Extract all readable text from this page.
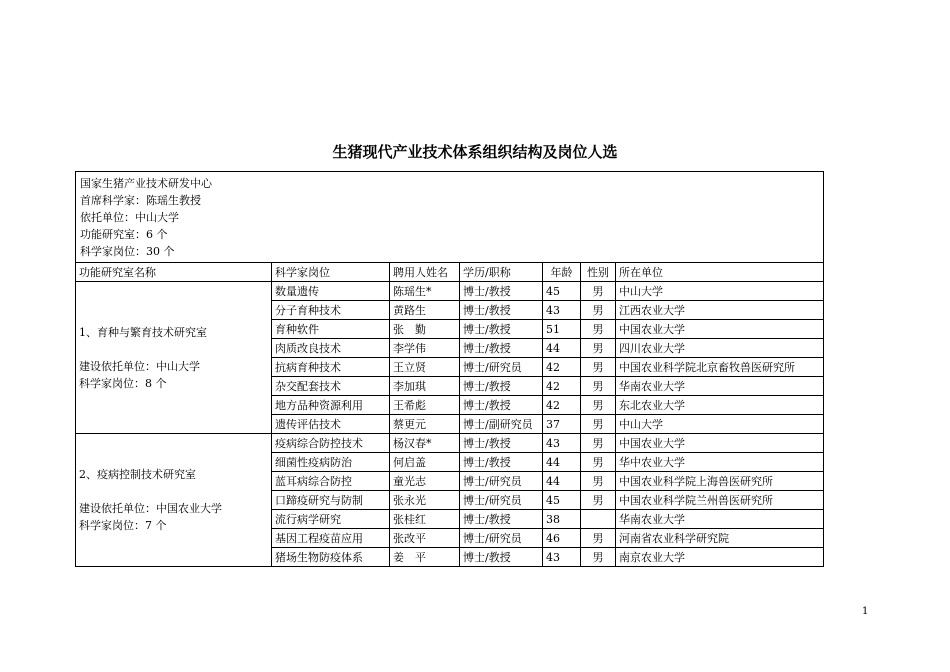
生猪现代产业技术体系组织结构及岗位人选
国家生猪产业技术研发中心
首席科学家：陈瑶生教授
依托单位：中山大学
功能研究室：6 个
科学家岗位：30 个						

功能研究室名称	科学家岗位	聘用人姓名	学历/职称	年龄	性别	所在单位

1、育种与繁育技术研究室
建设依托单位：中山大学
科学家岗位：8 个	数量遗传	陈瑶生*	博士/教授	45	男	中山大学
	分子育种技术	黄路生	博士/教授	43	男	江西农业大学
	育种软件	张　勤	博士/教授	51	男	中国农业大学
	肉质改良技术	李学伟	博士/教授	44	男	四川农业大学
	抗病育种技术	王立贤	博士/研究员	42	男	中国农业科学院北京畜牧兽医研究所
	杂交配套技术	李加琪	博士/教授	42	男	华南农业大学
	地方品种资源利用	王希彪	博士/教授	42	男	东北农业大学
	遗传评估技术	蔡更元	博士/副研究员	37	男	中山大学

2、疫病控制技术研究室
建设依托单位：中国农业大学
科学家岗位：7 个	疫病综合防控技术	杨汉春*	博士/教授	43	男	中国农业大学
	细菌性疫病防治	何启盖	博士/教授	44	男	华中农业大学
	蓝耳病综合防控	童光志	博士/研究员	44	男	中国农业科学院上海兽医研究所
	口蹄疫研究与防制	张永光	博士/研究员	45	男	中国农业科学院兰州兽医研究所
	流行病学研究	张桂红	博士/教授	38		华南农业大学
	基因工程疫苗应用	张改平	博士/研究员	46	男	河南省农业科学研究院
	猪场生物防疫体系	姜　平	博士/教授	43	男	南京农业大学
1
